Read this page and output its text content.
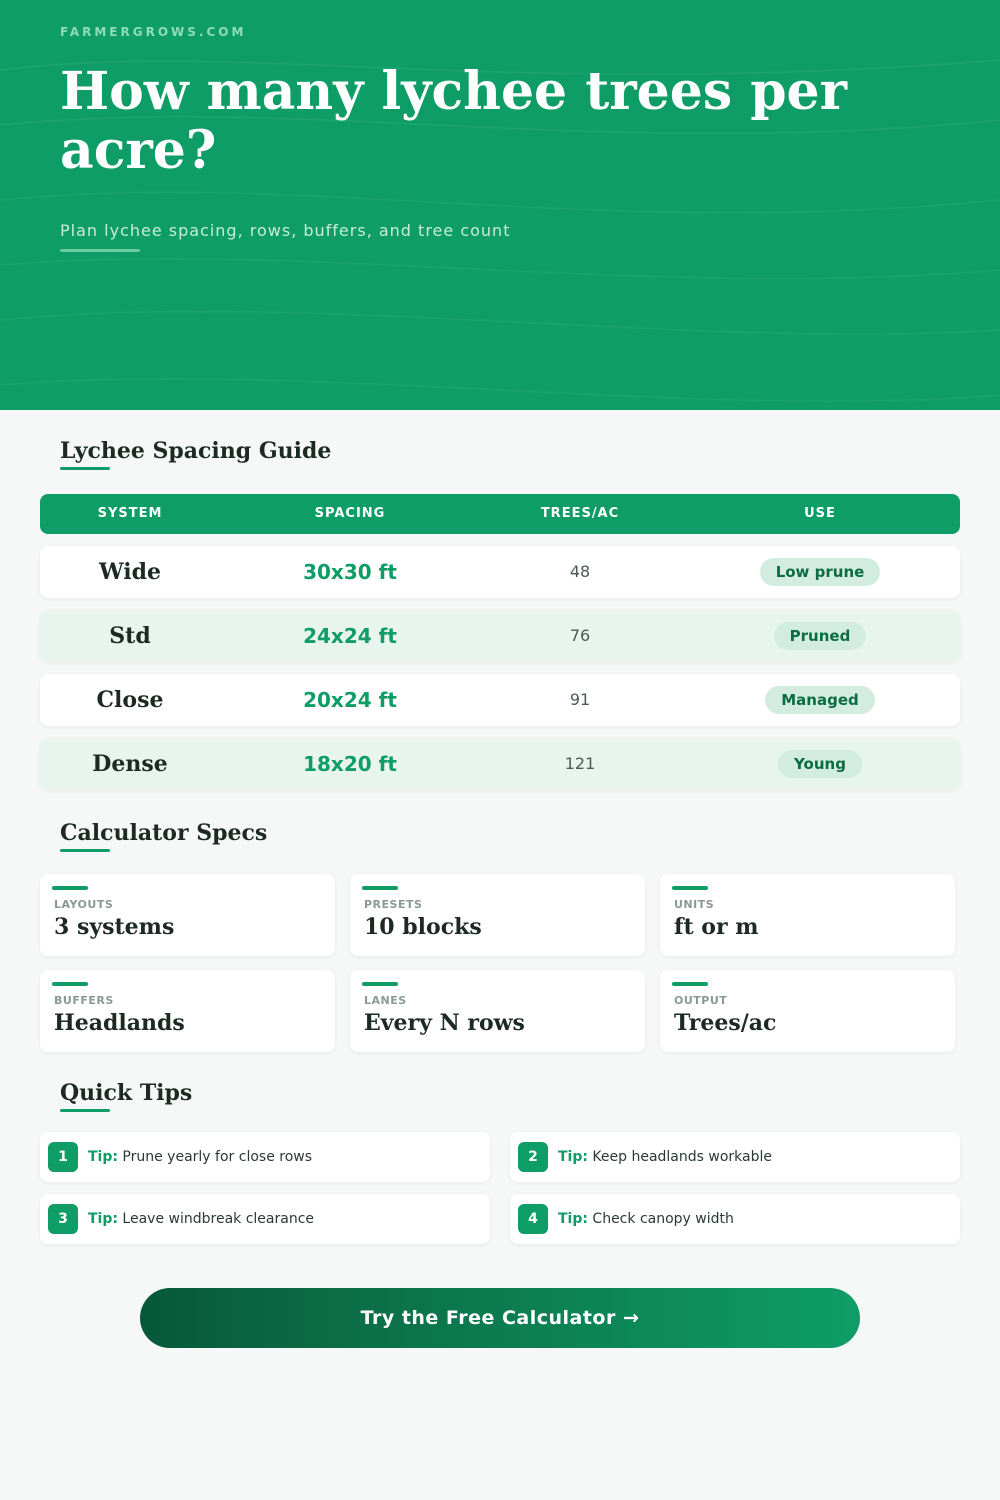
FARMERGROWS.COM
How many lychee trees per acre?
Plan lychee spacing, rows, buffers, and tree count
Lychee Spacing Guide
SYSTEM	SPACING	TREES/AC	USE
Wide	30x30 ft	48	Low prune
Std	24x24 ft	76	Pruned
Close	20x24 ft	91	Managed
Dense	18x20 ft	121	Young
Calculator Specs
LAYOUTS
3 systems
PRESETS
10 blocks
UNITS
ft or m
BUFFERS
Headlands
LANES
Every N rows
OUTPUT
Trees/ac
Quick Tips
1	Tip: Prune yearly for close rows	2	Tip: Keep headlands workable
3	Tip: Leave windbreak clearance	4	Tip: Check canopy width
Try the Free Calculator →
